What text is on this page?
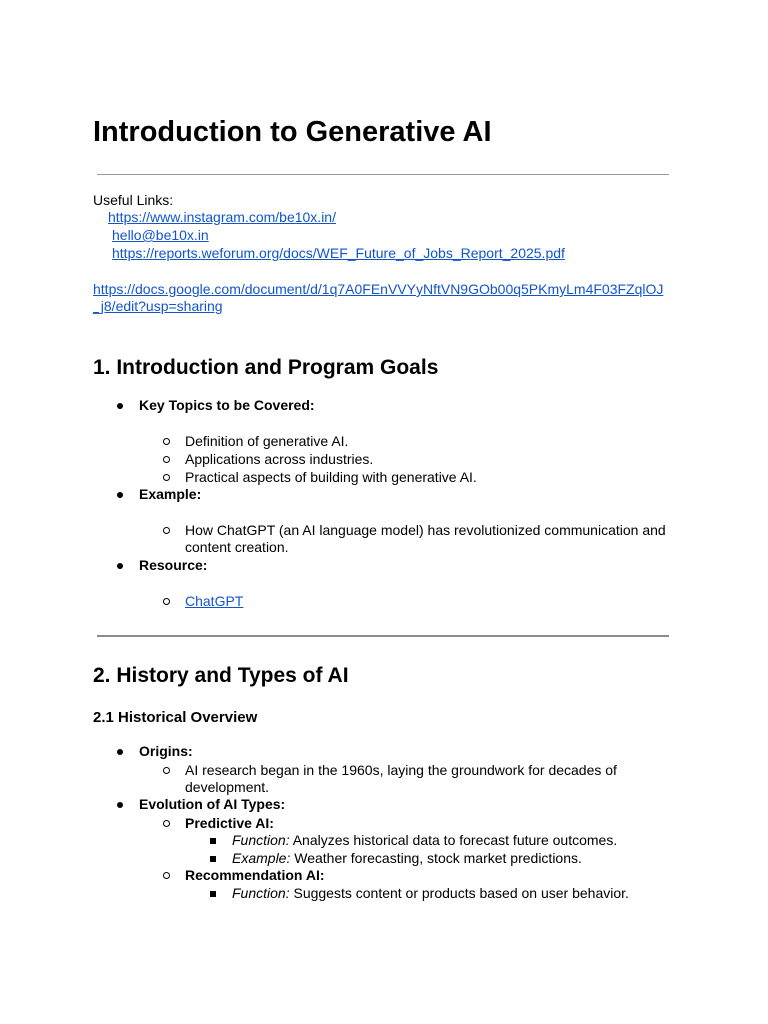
Introduction to Generative AI
Useful Links:
https://www.instagram.com/be10x.in/
hello@be10x.in
https://reports.weforum.org/docs/WEF_Future_of_Jobs_Report_2025.pdf
https://docs.google.com/document/d/1q7A0FEnVVYyNftVN9GOb00q5PKmyLm4F03FZqlOJ
_j8/edit?usp=sharing
1. Introduction and Program Goals
Key Topics to be Covered:
Definition of generative AI.
Applications across industries.
Practical aspects of building with generative AI.
Example:
How ChatGPT (an AI language model) has revolutionized communication and
content creation.
Resource:
ChatGPT
2. History and Types of AI
2.1 Historical Overview
Origins:
AI research began in the 1960s, laying the groundwork for decades of
development.
Evolution of AI Types:
Predictive AI:
Function: Analyzes historical data to forecast future outcomes.
Example: Weather forecasting, stock market predictions.
Recommendation AI:
Function: Suggests content or products based on user behavior.
